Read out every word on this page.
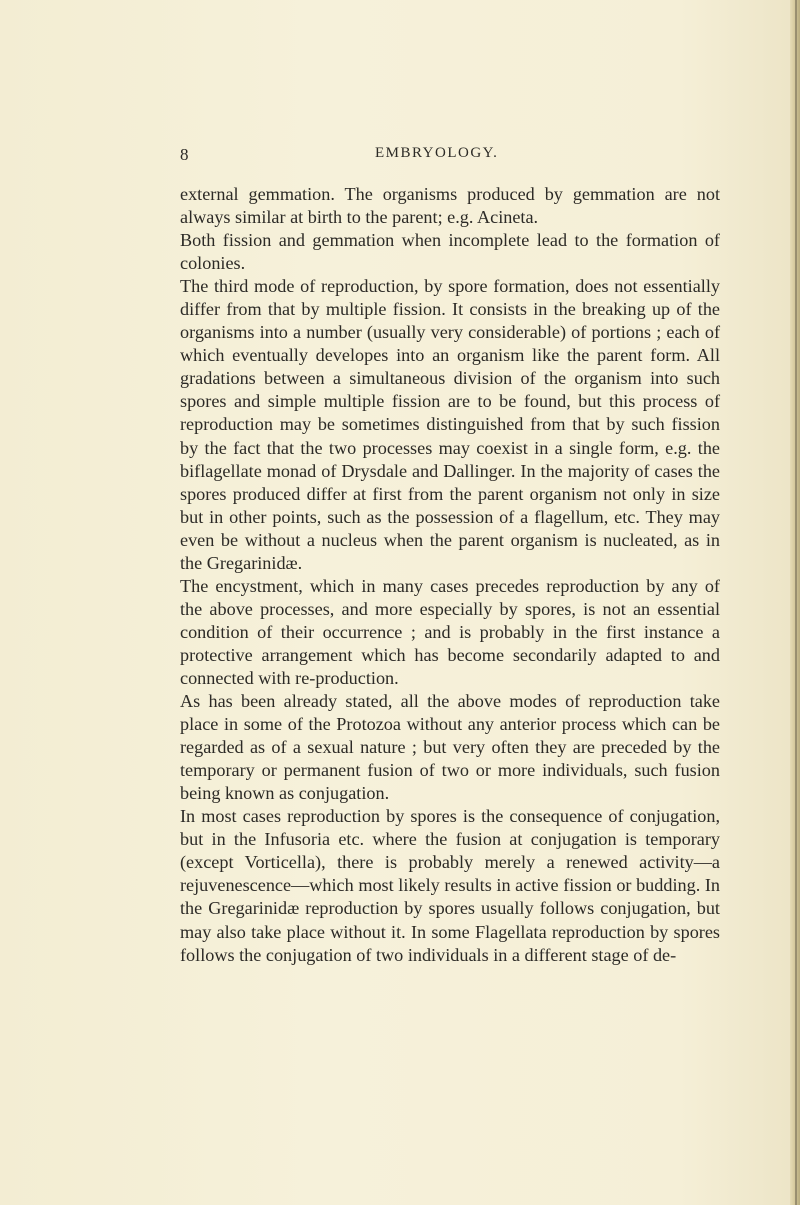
8	EMBRYOLOGY.

external gemmation. The organisms produced by gemmation are not always similar at birth to the parent; e.g. Acineta.

Both fission and gemmation when incomplete lead to the formation of colonies.

The third mode of reproduction, by spore formation, does not essentially differ from that by multiple fission. It consists in the breaking up of the organisms into a number (usually very considerable) of portions ; each of which eventually developes into an organism like the parent form. All gradations between a simultaneous division of the organism into such spores and simple multiple fission are to be found, but this process of reproduction may be sometimes distinguished from that by such fission by the fact that the two processes may coexist in a single form, e.g. the biflagellate monad of Drysdale and Dallinger. In the majority of cases the spores produced differ at first from the parent organism not only in size but in other points, such as the possession of a flagellum, etc. They may even be without a nucleus when the parent organism is nucleated, as in the Gregarinidæ.

The encystment, which in many cases precedes reproduction by any of the above processes, and more especially by spores, is not an essential condition of their occurrence ; and is probably in the first instance a protective arrangement which has become secondarily adapted to and connected with re-production.

As has been already stated, all the above modes of reproduction take place in some of the Protozoa without any anterior process which can be regarded as of a sexual nature ; but very often they are preceded by the temporary or permanent fusion of two or more individuals, such fusion being known as conjugation.

In most cases reproduction by spores is the consequence of conjugation, but in the Infusoria etc. where the fusion at conjugation is temporary (except Vorticella), there is probably merely a renewed activity—a rejuvenescence—which most likely results in active fission or budding. In the Gregarinidæ reproduction by spores usually follows conjugation, but may also take place without it. In some Flagellata reproduction by spores follows the conjugation of two individuals in a different stage of de-
